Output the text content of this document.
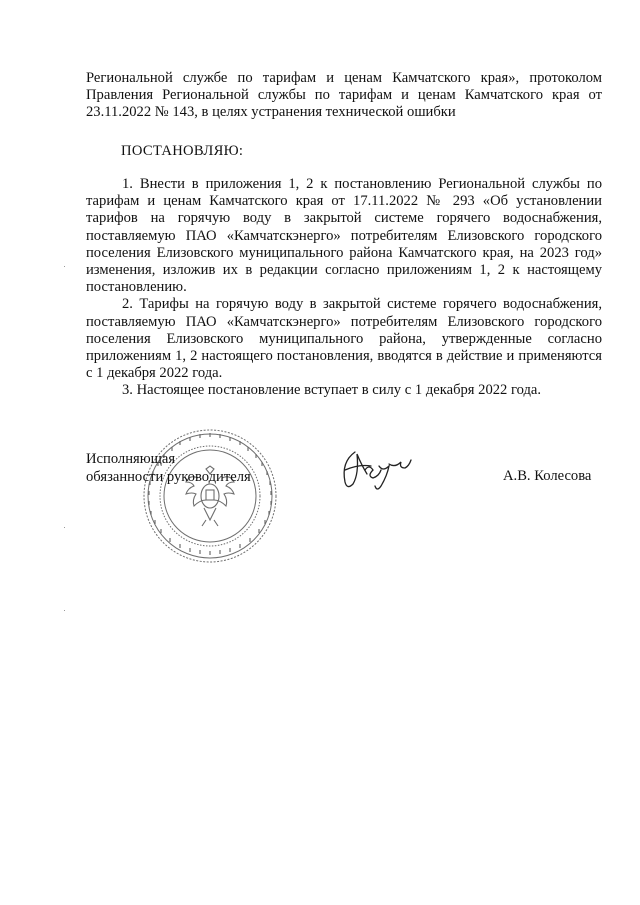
Региональной службе по тарифам и ценам Камчатского края», протоколом Правления Региональной службы по тарифам и ценам Камчатского края от 23.11.2022 № 143, в целях устранения технической ошибки

ПОСТАНОВЛЯЮ:

1. Внести в приложения 1, 2 к постановлению Региональной службы по тарифам и ценам Камчатского края от 17.11.2022 № 293 «Об установлении тарифов на горячую воду в закрытой системе горячего водоснабжения, поставляемую ПАО «Камчатскэнерго» потребителям Елизовского городского поселения Елизовского муниципального района Камчатского края, на 2023 год» изменения, изложив их в редакции согласно приложениям 1, 2 к настоящему постановлению.

2. Тарифы на горячую воду в закрытой системе горячего водоснабжения, поставляемую ПАО «Камчатскэнерго» потребителям Елизовского городского поселения Елизовского муниципального района, утвержденные согласно приложениям 1, 2 настоящего постановления, вводятся в действие и применяются с 1 декабря 2022 года.

3. Настоящее постановление вступает в силу с 1 декабря 2022 года.

Исполняющая
обязанности руководителя	А.В. Колесова
